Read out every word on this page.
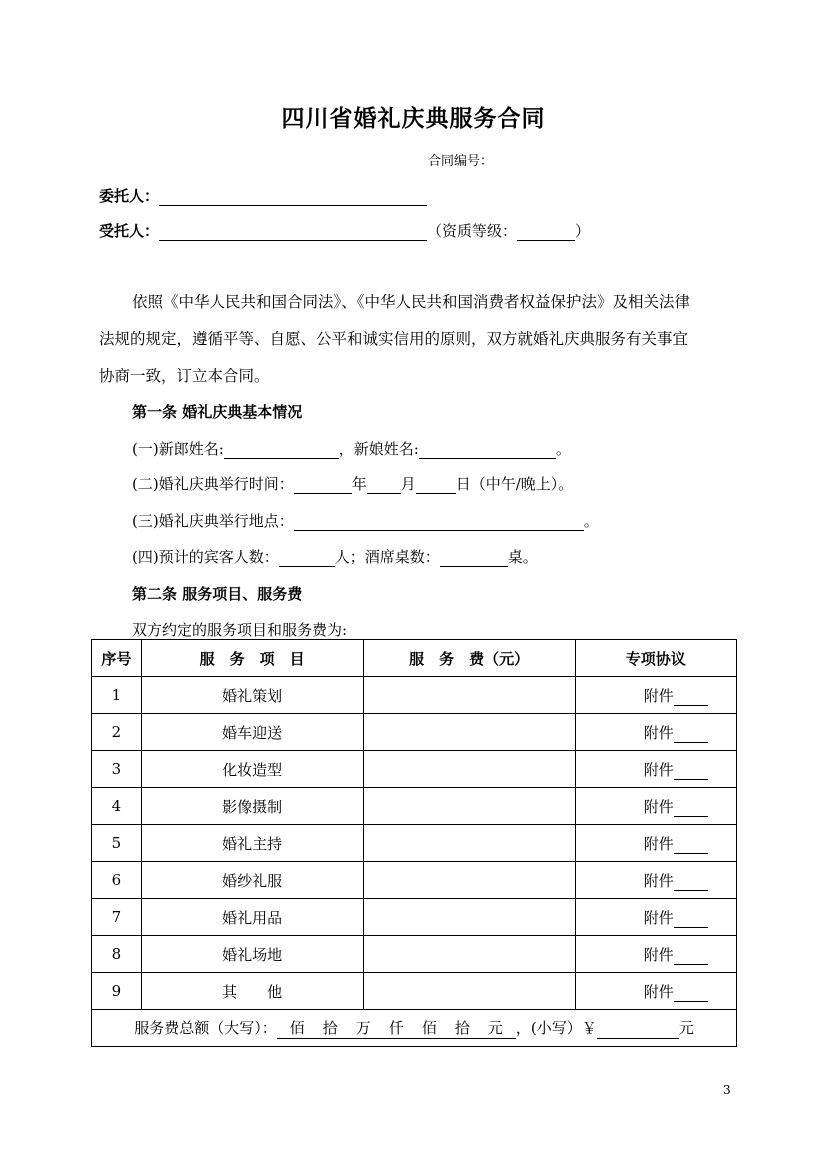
四川省婚礼庆典服务合同
合同编号：
委托人：
受托人：	（资质等级：	）
依照《中华人民共和国合同法》、《中华人民共和国消费者权益保护法》及相关法律
法规的规定，遵循平等、自愿、公平和诚实信用的原则，双方就婚礼庆典服务有关事宜
协商一致，订立本合同。
第一条 婚礼庆典基本情况
(一)新郎姓名:	，新娘姓名:	。
(二)婚礼庆典举行时间：	年 月	日（中午/晚上）。
(三)婚礼庆典举行地点：	。
(四)预计的宾客人数：	人；酒席桌数：	桌。
第二条 服务项目、服务费
双方约定的服务项目和服务费为:
序号	服　务　项　目	服　务　费（元）	专项协议
1	婚礼策划		附件
2	婚车迎送		附件
3	化妆造型		附件
4	影像摄制		附件
5	婚礼主持		附件
6	婚纱礼服		附件
7	婚礼用品		附件
8	婚礼场地		附件
9	其　　他		附件
服务费总额（大写）： 佰 拾 万 仟 佰 拾 元 ，(小写）￥ 元			
3
